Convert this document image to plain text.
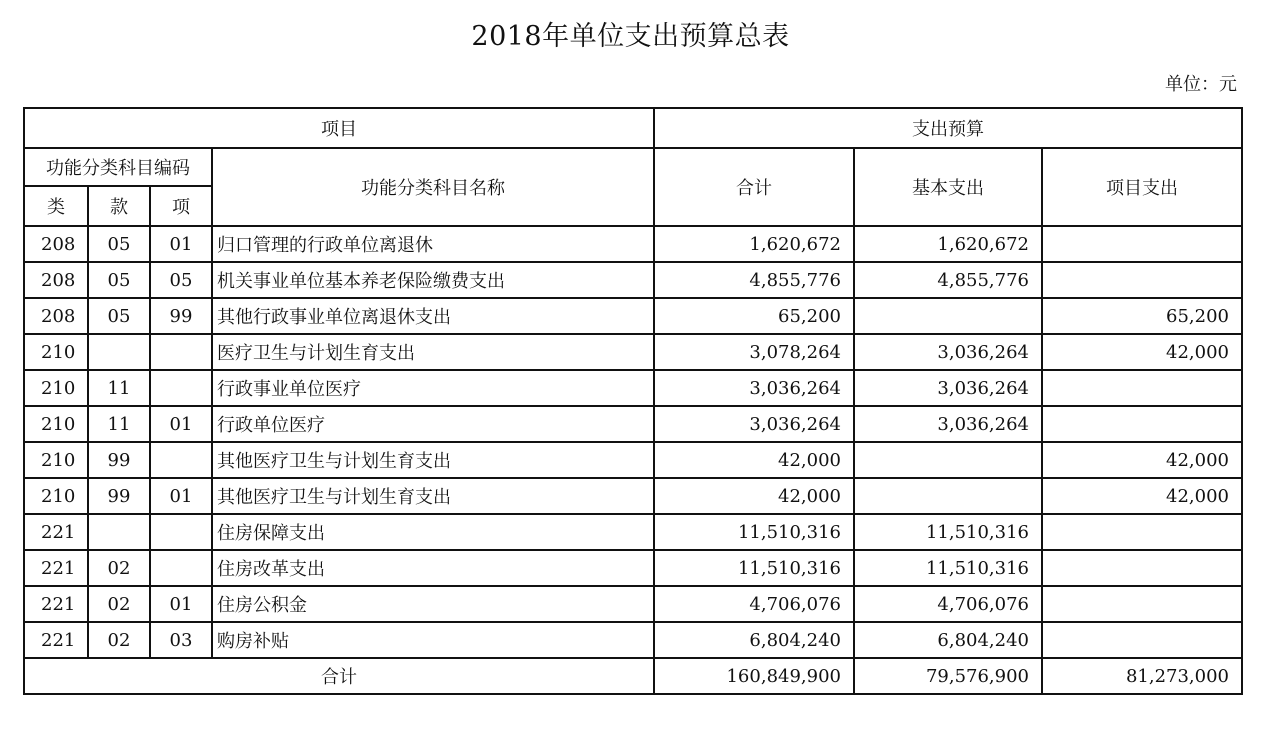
2018年单位支出预算总表
单位：元
项目				支出预算		
功能分类科目编码			功能分类科目名称	合计	基本支出	项目支出
类	款	项				
208	05	01	归口管理的行政单位离退休	1,620,672	1,620,672	
208	05	05	机关事业单位基本养老保险缴费支出	4,855,776	4,855,776	
208	05	99	其他行政事业单位离退休支出	65,200		65,200
210			医疗卫生与计划生育支出	3,078,264	3,036,264	42,000
210	11		行政事业单位医疗	3,036,264	3,036,264	
210	11	01	行政单位医疗	3,036,264	3,036,264	
210	99		其他医疗卫生与计划生育支出	42,000		42,000
210	99	01	其他医疗卫生与计划生育支出	42,000		42,000
221			住房保障支出	11,510,316	11,510,316	
221	02		住房改革支出	11,510,316	11,510,316	
221	02	01	住房公积金	4,706,076	4,706,076	
221	02	03	购房补贴	6,804,240	6,804,240	
合计				160,849,900	79,576,900	81,273,000
